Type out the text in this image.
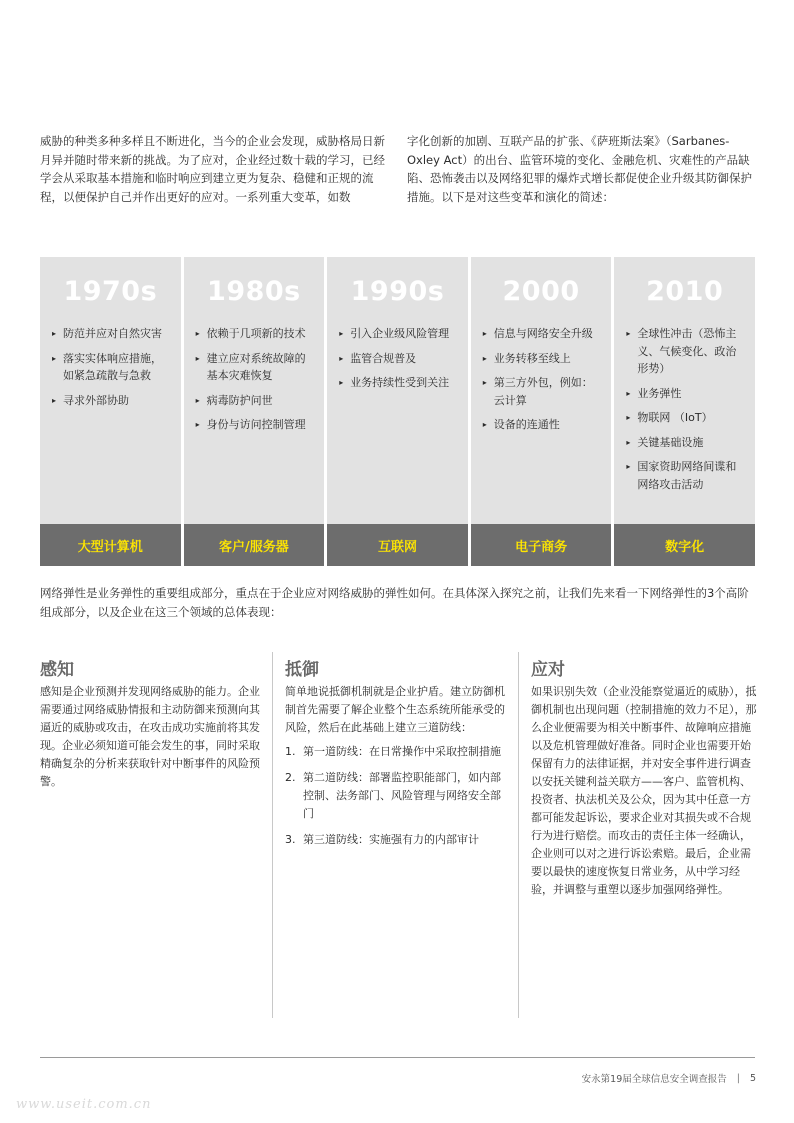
威胁的种类多种多样且不断进化，当今的企业会发现，威胁格局日新月异并随时带来新的挑战。为了应对，企业经过数十载的学习，已经学会从采取基本措施和临时响应到建立更为复杂、稳健和正规的流程，以便保护自己并作出更好的应对。一系列重大变革，如数
字化创新的加剧、互联产品的扩张、《萨班斯法案》（Sarbanes-Oxley Act）的出台、监管环境的变化、金融危机、灾难性的产品缺陷、恐怖袭击以及网络犯罪的爆炸式增长都促使企业升级其防御保护措施。以下是对这些变革和演化的简述：
1970s
▸ 防范并应对自然灾害
▸ 落实实体响应措施，如紧急疏散与急救
▸ 寻求外部协助
大型计算机
1980s
▸ 依赖于几项新的技术
▸ 建立应对系统故障的基本灾难恢复
▸ 病毒防护问世
▸ 身份与访问控制管理
客户/服务器
1990s
▸ 引入企业级风险管理
▸ 监管合规普及
▸ 业务持续性受到关注
互联网
2000
▸ 信息与网络安全升级
▸ 业务转移至线上
▸ 第三方外包，例如：云计算
▸ 设备的连通性
电子商务
2010
▸ 全球性冲击（恐怖主义、气候变化、政治形势）
▸ 业务弹性
▸ 物联网 （IoT）
▸ 关键基础设施
▸ 国家资助网络间谍和网络攻击活动
数字化
网络弹性是业务弹性的重要组成部分，重点在于企业应对网络威胁的弹性如何。在具体深入探究之前，让我们先来看一下网络弹性的3个高阶组成部分，以及企业在这三个领域的总体表现：
感知

感知是企业预测并发现网络威胁的能力。企业需要通过网络威胁情报和主动防御来预测向其逼近的威胁或攻击，在攻击成功实施前将其发现。企业必须知道可能会发生的事，同时采取精确复杂的分析来获取针对中断事件的风险预警。

抵御

简单地说抵御机制就是企业护盾。建立防御机制首先需要了解企业整个生态系统所能承受的风险，然后在此基础上建立三道防线：

1. 第一道防线：在日常操作中采取控制措施
2. 第二道防线：部署监控职能部门，如内部控制、法务部门、风险管理与网络安全部门
3. 第三道防线：实施强有力的内部审计
应对

如果识别失效（企业没能察觉逼近的威胁），抵御机制也出现问题（控制措施的效力不足），那么企业便需要为相关中断事件、故障响应措施以及危机管理做好准备。同时企业也需要开始保留有力的法律证据，并对安全事件进行调查以安抚关键利益关联方——客户、监管机构、投资者、执法机关及公众，因为其中任意一方都可能发起诉讼，要求企业对其损失或不合规行为进行赔偿。而攻击的责任主体一经确认，企业则可以对之进行诉讼索赔。最后，企业需要以最快的速度恢复日常业务，从中学习经验，并调整与重塑以逐步加强网络弹性。

安永第19届全球信息安全调查报告 | 5
www.useit.com.cn
